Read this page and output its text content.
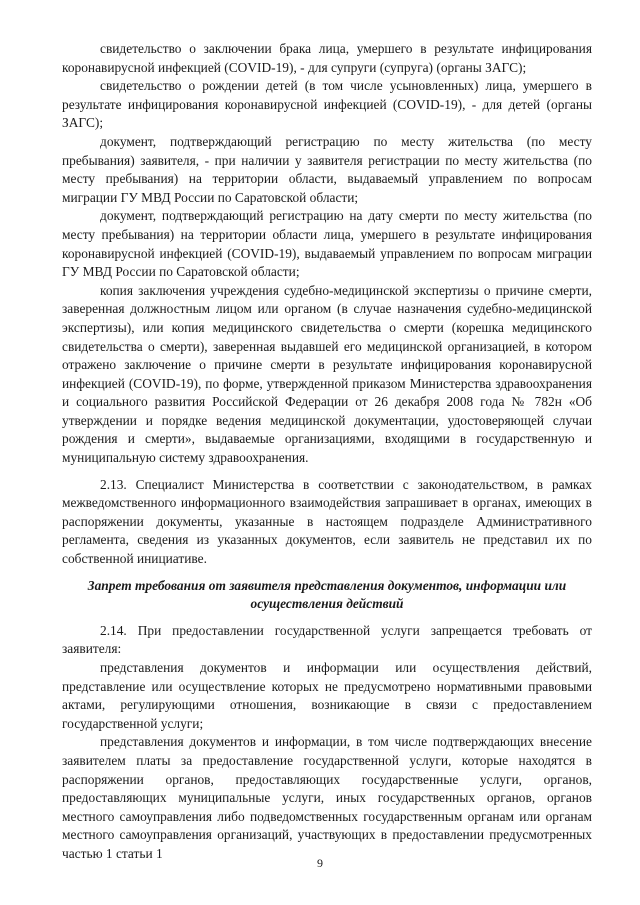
свидетельство о заключении брака лица, умершего в результате инфицирования коронавирусной инфекцией (COVID-19), - для супруги (супруга) (органы ЗАГС);

свидетельство о рождении детей (в том числе усыновленных) лица, умершего в результате инфицирования коронавирусной инфекцией (COVID-19), - для детей (органы ЗАГС);

документ, подтверждающий регистрацию по месту жительства (по месту пребывания) заявителя, - при наличии у заявителя регистрации по месту жительства (по месту пребывания) на территории области, выдаваемый управлением по вопросам миграции ГУ МВД России по Саратовской области;

документ, подтверждающий регистрацию на дату смерти по месту жительства (по месту пребывания) на территории области лица, умершего в результате инфицирования коронавирусной инфекцией (COVID-19), выдаваемый управлением по вопросам миграции ГУ МВД России по Саратовской области;

копия заключения учреждения судебно-медицинской экспертизы о причине смерти, заверенная должностным лицом или органом (в случае назначения судебно-медицинской экспертизы), или копия медицинского свидетельства о смерти (корешка медицинского свидетельства о смерти), заверенная выдавшей его медицинской организацией, в котором отражено заключение о причине смерти в результате инфицирования коронавирусной инфекцией (COVID-19), по форме, утвержденной приказом Министерства здравоохранения и социального развития Российской Федерации от 26 декабря 2008 года № 782н «Об утверждении и порядке ведения медицинской документации, удостоверяющей случаи рождения и смерти», выдаваемые организациями, входящими в государственную и муниципальную систему здравоохранения.

2.13. Специалист Министерства в соответствии с законодательством, в рамках межведомственного информационного взаимодействия запрашивает в органах, имеющих в распоряжении документы, указанные в настоящем подразделе Административного регламента, сведения из указанных документов, если заявитель не представил их по собственной инициативе.

Запрет требования от заявителя представления документов, информации или осуществления действий

2.14. При предоставлении государственной услуги запрещается требовать от заявителя:

представления документов и информации или осуществления действий, представление или осуществление которых не предусмотрено нормативными правовыми актами, регулирующими отношения, возникающие в связи с предоставлением государственной услуги;

представления документов и информации, в том числе подтверждающих внесение заявителем платы за предоставление государственной услуги, которые находятся в распоряжении органов, предоставляющих государственные услуги, органов, предоставляющих муниципальные услуги, иных государственных органов, органов местного самоуправления либо подведомственных государственным органам или органам местного самоуправления организаций, участвующих в предоставлении предусмотренных частью 1 статьи 1

9
